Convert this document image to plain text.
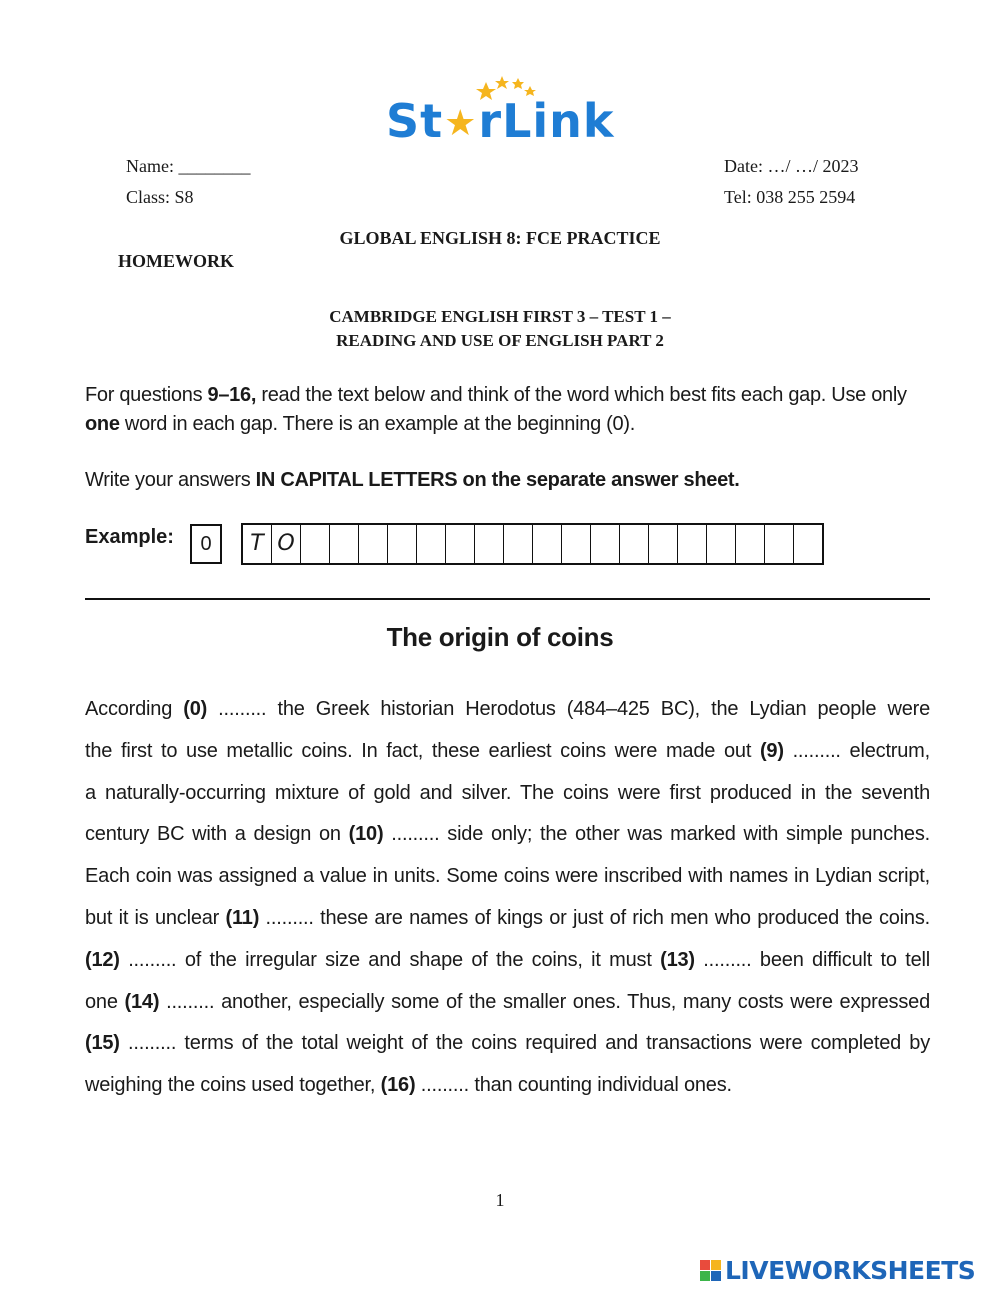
St★rLink
Name: ________
Class: S8
Date: …/ …/ 2023
Tel: 038 255 2594
GLOBAL ENGLISH 8: FCE PRACTICE
HOMEWORK
CAMBRIDGE ENGLISH FIRST 3 – TEST 1 –
READING AND USE OF ENGLISH PART 2
For questions 9–16, read the text below and think of the word which best fits each gap. Use only one word in each gap. There is an example at the beginning (0).
Write your answers IN CAPITAL LETTERS on the separate answer sheet.
Example:	0	T O
The origin of coins
According (0) ......... the Greek historian Herodotus (484–425 BC), the Lydian people were
the first to use metallic coins. In fact, these earliest coins were made out (9) ......... electrum,
a naturally-occurring mixture of gold and silver. The coins were first produced in the seventh
century BC with a design on (10) ......... side only; the other was marked with simple punches.
Each coin was assigned a value in units. Some coins were inscribed with names in Lydian script,
but it is unclear (11) ......... these are names of kings or just of rich men who produced the coins.
(12) ......... of the irregular size and shape of the coins, it must (13) ......... been difficult to tell
one (14) ......... another, especially some of the smaller ones. Thus, many costs were expressed
(15) ......... terms of the total weight of the coins required and transactions were completed by
weighing the coins used together, (16) ......... than counting individual ones.
1
LIVEWORKSHEETS
